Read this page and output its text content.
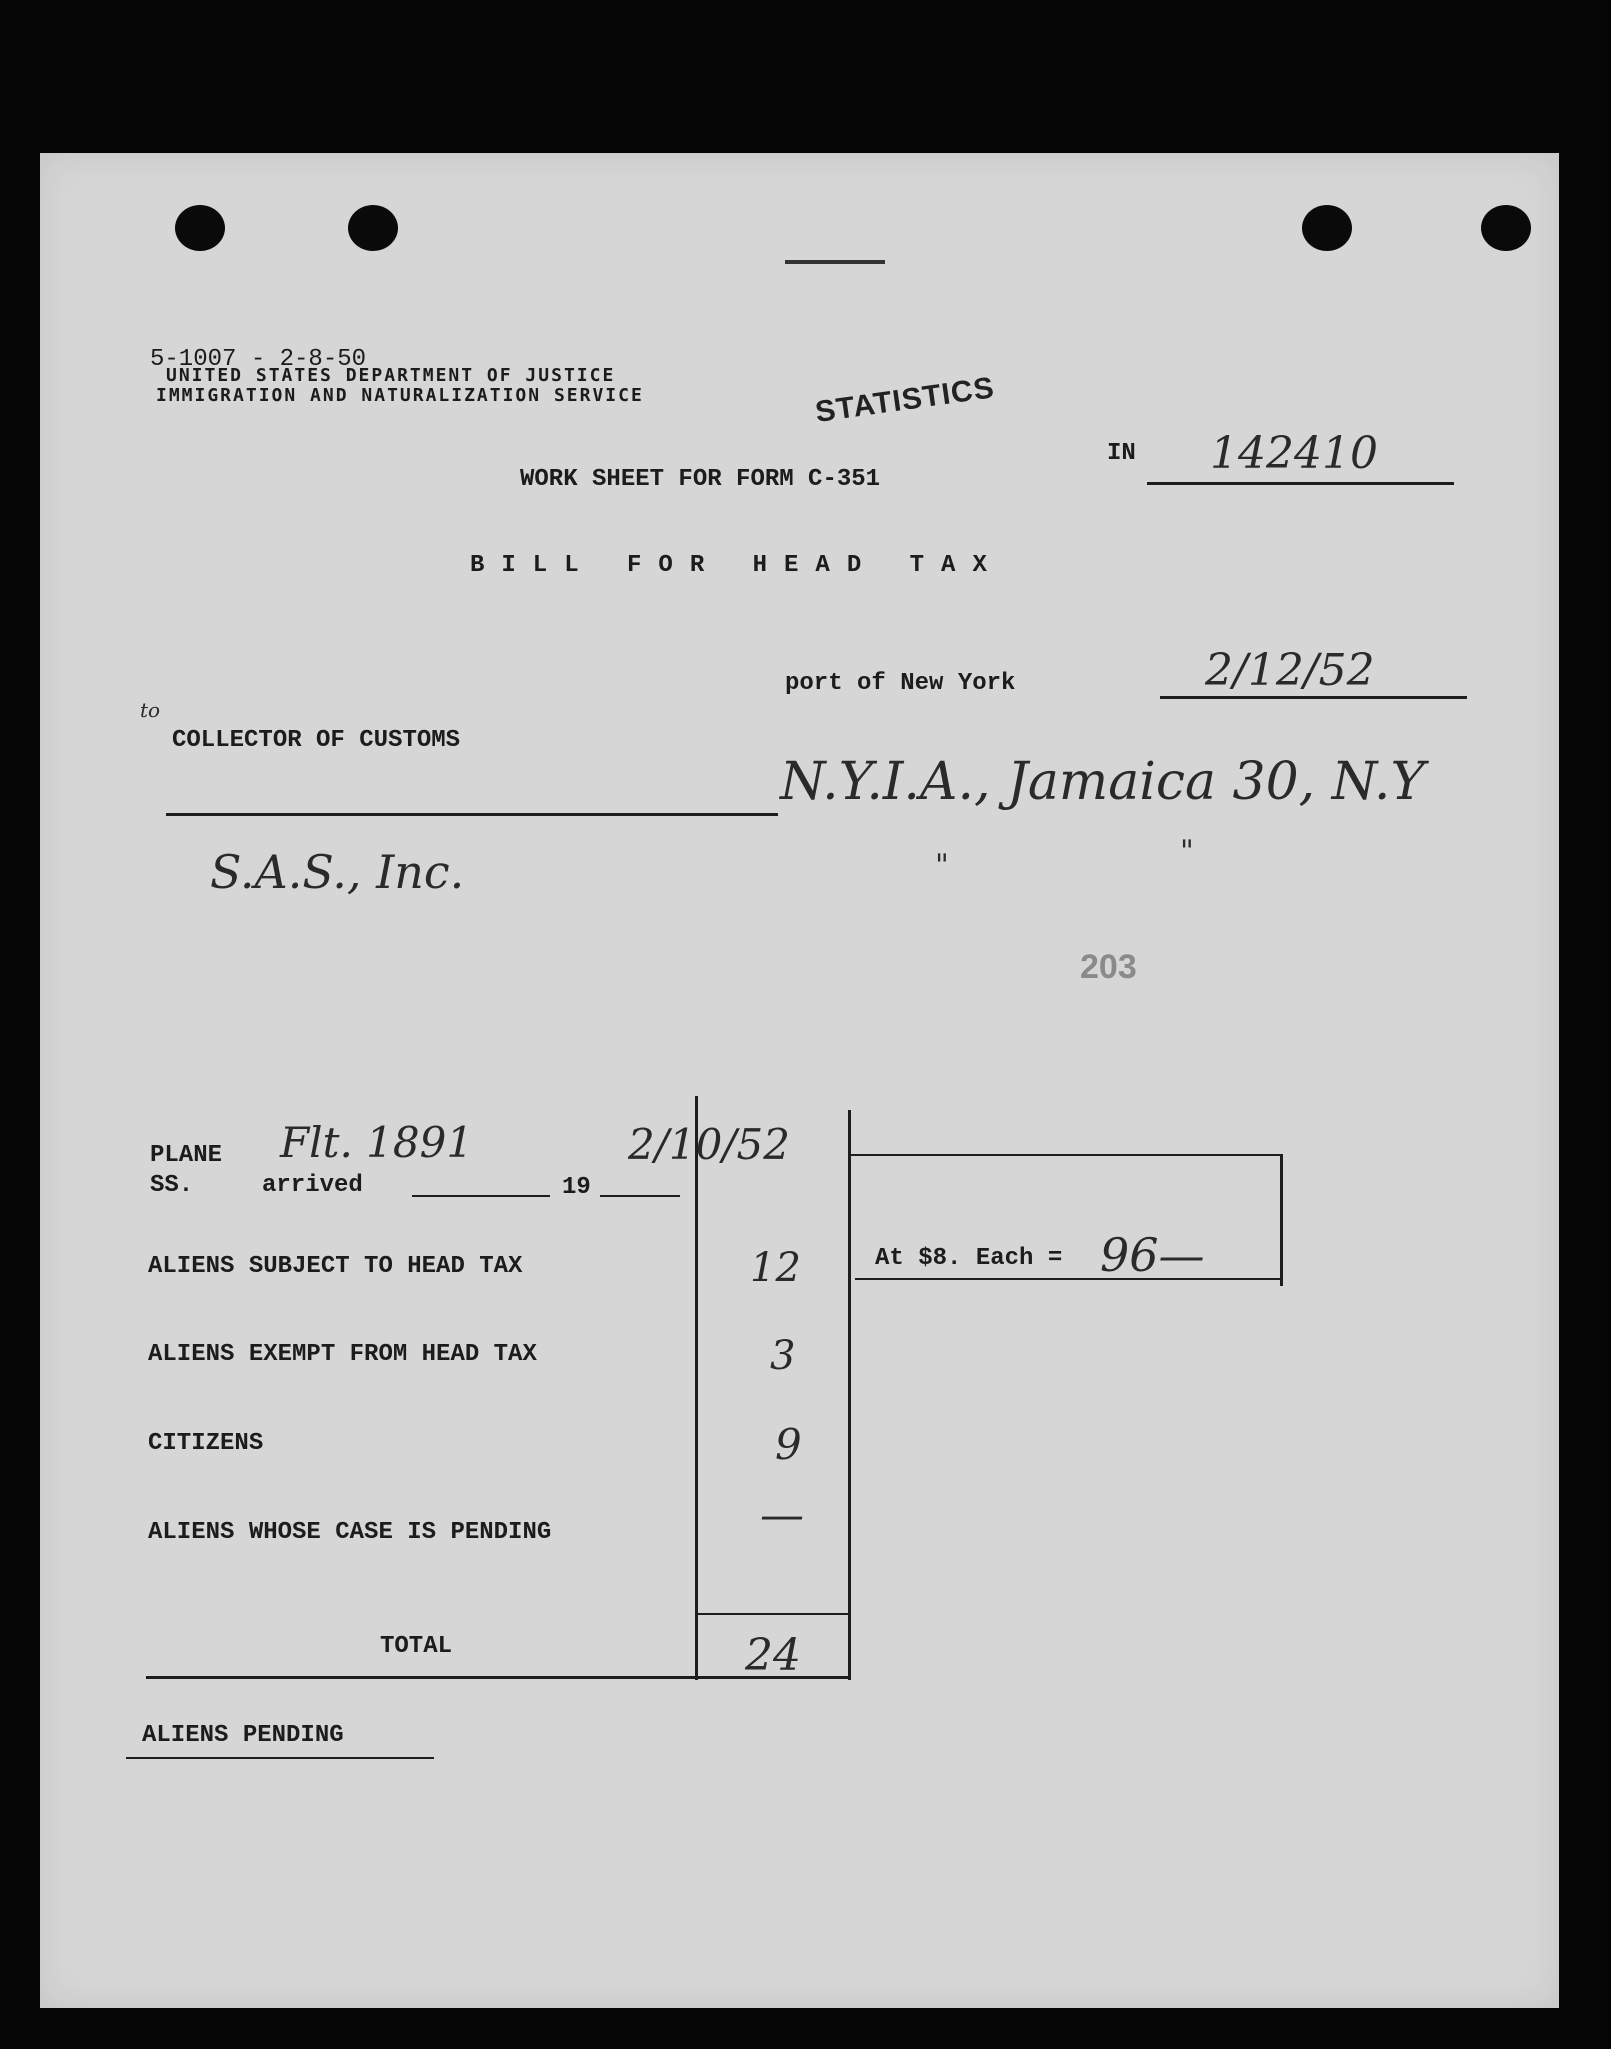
5-1007 - 2-8-50
UNITED STATES DEPARTMENT OF JUSTICE
IMMIGRATION AND NATURALIZATION SERVICE	STATISTICS
IN 142410
WORK SHEET FOR FORM C-351
BILL FOR HEAD TAX
port of New York	2/12/52
to
COLLECTOR OF CUSTOMS
N.Y.I.A., Jamaica 30, N.Y
S.A.S., Inc.	"	"
203
PLANE
SS.
Flt. 1891
arrived	19
2/10/52
ALIENS SUBJECT TO HEAD TAX	12
ALIENS EXEMPT FROM HEAD TAX	3
CITIZENS	9
ALIENS WHOSE CASE IS PENDING	—
TOTAL	24
At $8. Each = 96—
ALIENS PENDING
